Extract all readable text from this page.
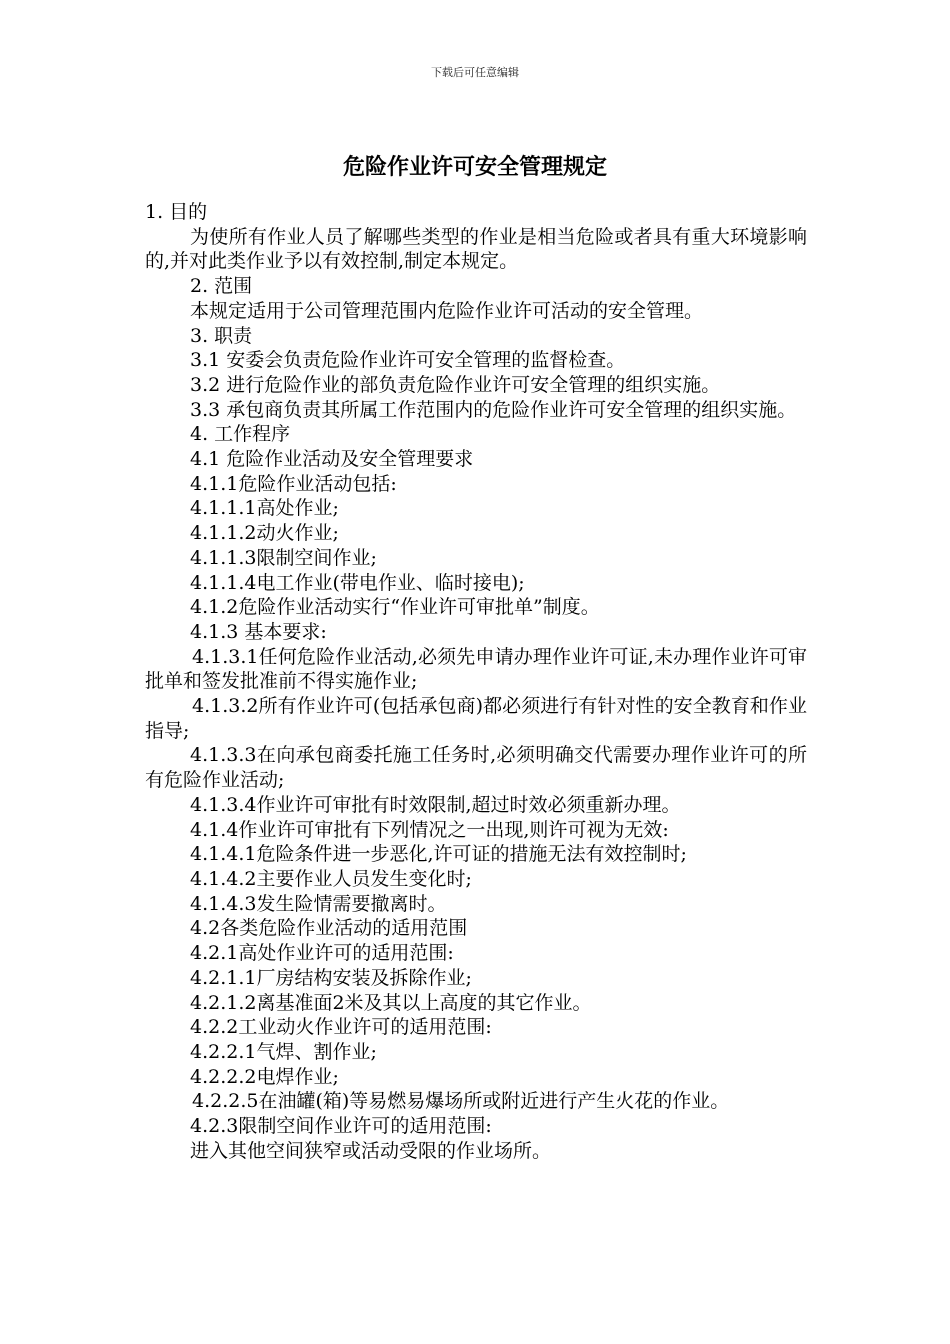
下载后可任意编辑
危险作业许可安全管理规定

1. 目的

为使所有作业人员了解哪些类型的作业是相当危险或者具有重大环境影响的,并对此类作业予以有效控制,制定本规定。

2. 范围

本规定适用于公司管理范围内危险作业许可活动的安全管理。

3. 职责

3.1 安委会负责危险作业许可安全管理的监督检查。

3.2 进行危险作业的部负责危险作业许可安全管理的组织实施。

3.3 承包商负责其所属工作范围内的危险作业许可安全管理的组织实施。

4. 工作程序

4.1 危险作业活动及安全管理要求

4.1.1危险作业活动包括:

4.1.1.1高处作业;

4.1.1.2动火作业;

4.1.1.3限制空间作业;

4.1.1.4电工作业(带电作业、临时接电);

4.1.2危险作业活动实行“作业许可审批单”制度。

4.1.3 基本要求:

4.1.3.1任何危险作业活动,必须先申请办理作业许可证,未办理作业许可审批单和签发批准前不得实施作业;

4.1.3.2所有作业许可(包括承包商)都必须进行有针对性的安全教育和作业指导;

4.1.3.3在向承包商委托施工任务时,必须明确交代需要办理作业许可的所有危险作业活动;

4.1.3.4作业许可审批有时效限制,超过时效必须重新办理。

4.1.4作业许可审批有下列情况之一出现,则许可视为无效:

4.1.4.1危险条件进一步恶化,许可证的措施无法有效控制时;

4.1.4.2主要作业人员发生变化时;

4.1.4.3发生险情需要撤离时。

4.2各类危险作业活动的适用范围

4.2.1高处作业许可的适用范围:

4.2.1.1厂房结构安装及拆除作业;

4.2.1.2离基准面2米及其以上高度的其它作业。

4.2.2工业动火作业许可的适用范围:

4.2.2.1气焊、割作业;

4.2.2.2电焊作业;

4.2.2.5在油罐(箱)等易燃易爆场所或附近进行产生火花的作业。

4.2.3限制空间作业许可的适用范围:

进入其他空间狭窄或活动受限的作业场所。
